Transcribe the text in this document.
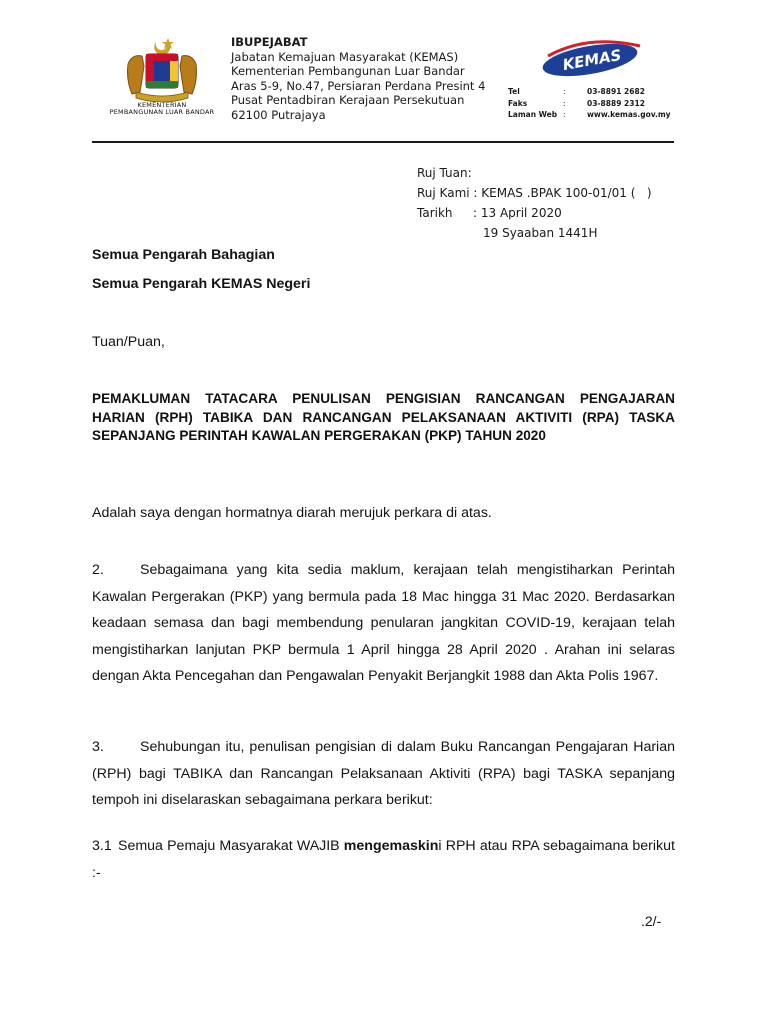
KEMENTERIAN
PEMBANGUNAN LUAR BANDAR
IBUPEJABAT
Jabatan Kemajuan Masyarakat (KEMAS)
Kementerian Pembangunan Luar Bandar
Aras 5-9, No.47, Persiaran Perdana Presint 4
Pusat Pentadbiran Kerajaan Persekutuan
62100 Putrajaya
KEMAS
Tel	:	03-8891 2682
Faks	:	03-8889 2312
Laman Web :	www.kemas.gov.my
Ruj Tuan:
Ruj Kami : KEMAS .BPAK 100-01/01 (   )
Tarikh : 13 April 2020
19 Syaaban 1441H
Semua Pengarah Bahagian
Semua Pengarah KEMAS Negeri
Tuan/Puan,
PEMAKLUMAN TATACARA PENULISAN PENGISIAN RANCANGAN PENGAJARAN HARIAN (RPH) TABIKA DAN RANCANGAN PELAKSANAAN AKTIVITI (RPA) TASKA SEPANJANG PERINTAH KAWALAN PERGERAKAN (PKP) TAHUN 2020
Adalah saya dengan hormatnya diarah merujuk perkara di atas.
2.	Sebagaimana yang kita sedia maklum, kerajaan telah mengistiharkan Perintah Kawalan Pergerakan (PKP) yang bermula pada 18 Mac hingga 31 Mac 2020. Berdasarkan keadaan semasa dan bagi membendung penularan jangkitan COVID-19, kerajaan telah mengistiharkan lanjutan PKP bermula 1 April hingga 28 April 2020 . Arahan ini selaras dengan Akta Pencegahan dan Pengawalan Penyakit Berjangkit 1988 dan Akta Polis 1967.
3.	Sehubungan itu, penulisan pengisian di dalam Buku Rancangan Pengajaran Harian (RPH) bagi TABIKA dan Rancangan Pelaksanaan Aktiviti (RPA) bagi TASKA sepanjang tempoh ini diselaraskan sebagaimana perkara berikut:
3.1 Semua Pemaju Masyarakat WAJIB mengemaskini RPH atau RPA sebagaimana berikut :-
.2/-
